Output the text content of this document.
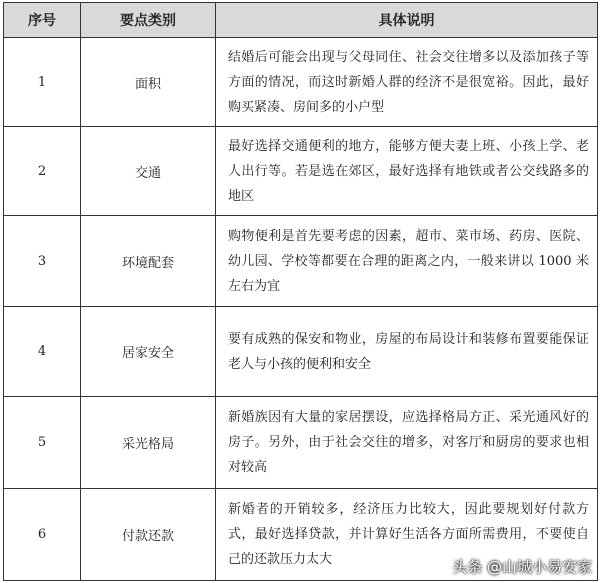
序号	要点类别	具体说明
1	面积	结婚后可能会出现与父母同住、社会交往增多以及添加孩子等方面的情况，而这时新婚人群的经济不是很宽裕。因此，最好购买紧凑、房间多的小户型
2	交通	最好选择交通便利的地方，能够方便夫妻上班、小孩上学、老人出行等。若是选在郊区，最好选择有地铁或者公交线路多的地区
3	环境配套	购物便利是首先要考虑的因素，超市、菜市场、药房、医院、幼儿园、学校等都要在合理的距离之内，一般来讲以 1000 米左右为宜
4	居家安全	要有成熟的保安和物业，房屋的布局设计和装修布置要能保证老人与小孩的便利和安全
5	采光格局	新婚族因有大量的家居摆设，应选择格局方正、采光通风好的房子。另外，由于社会交往的增多，对客厅和厨房的要求也相对较高
6	付款还款	新婚者的开销较多，经济压力比较大，因此要规划好付款方式，最好选择贷款，并计算好生活各方面所需费用，不要使自己的还款压力太大	头条 @山城小易安家
